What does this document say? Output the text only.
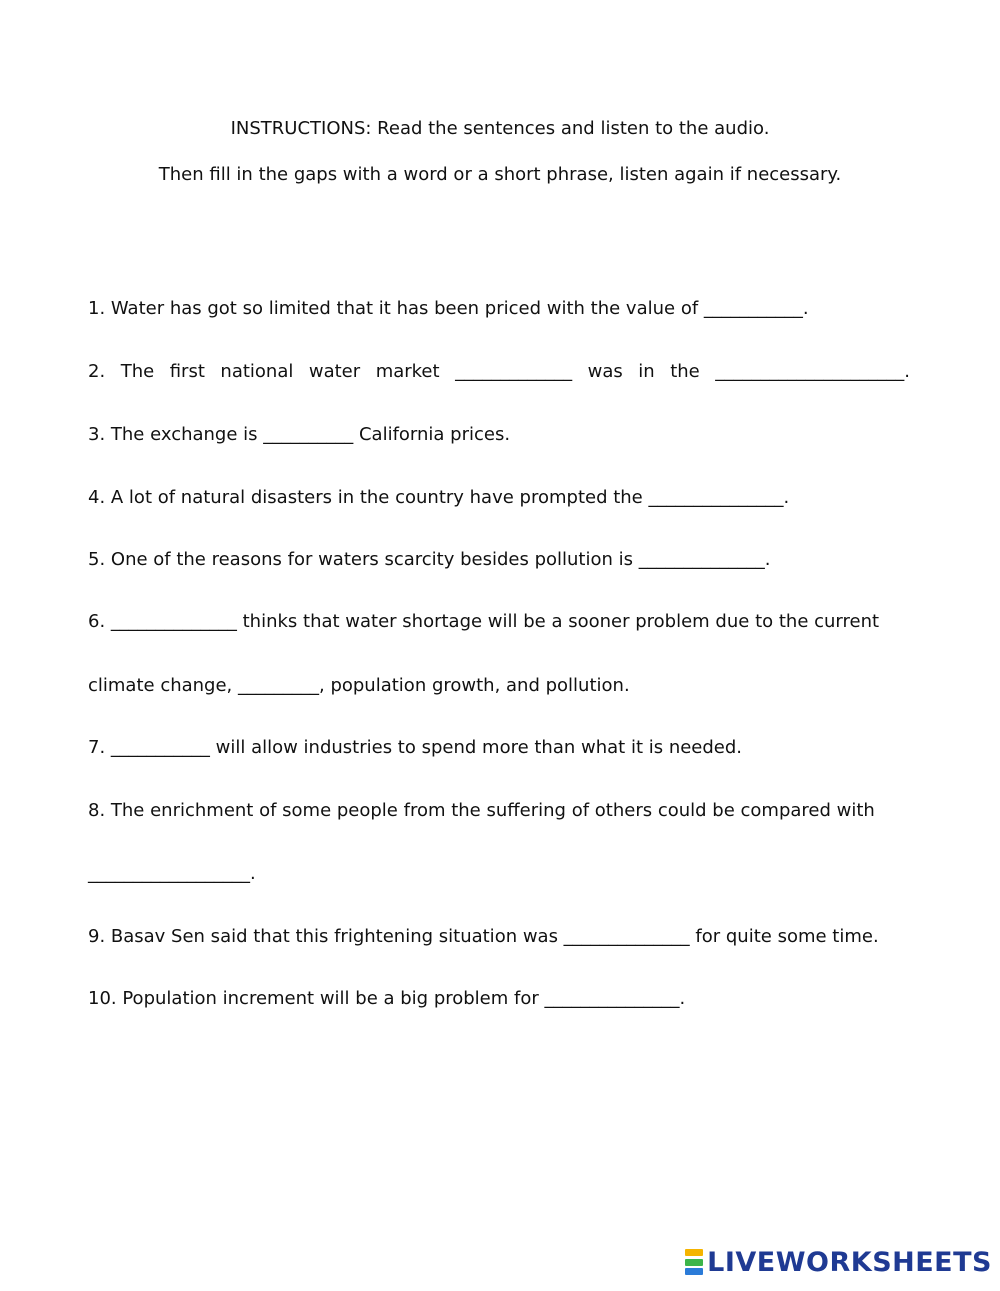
INSTRUCTIONS: Read the sentences and listen to the audio.
Then fill in the gaps with a word or a short phrase, listen again if necessary.
1. Water has got so limited that it has been priced with the value of ___________.
2. The first national water market _____________ was in the _____________________.
3. The exchange is __________ California prices.
4. A lot of natural disasters in the country have prompted the _______________.
5. One of the reasons for waters scarcity besides pollution is ______________.
6. ______________ thinks that water shortage will be a sooner problem due to the current
climate change, _________, population growth, and pollution.
7. ___________ will allow industries to spend more than what it is needed.
8. The enrichment of some people from the suffering of others could be compared with
__________________.
9. Basav Sen said that this frightening situation was ______________ for quite some time.
10. Population increment will be a big problem for _______________.
LIVEWORKSHEETS
